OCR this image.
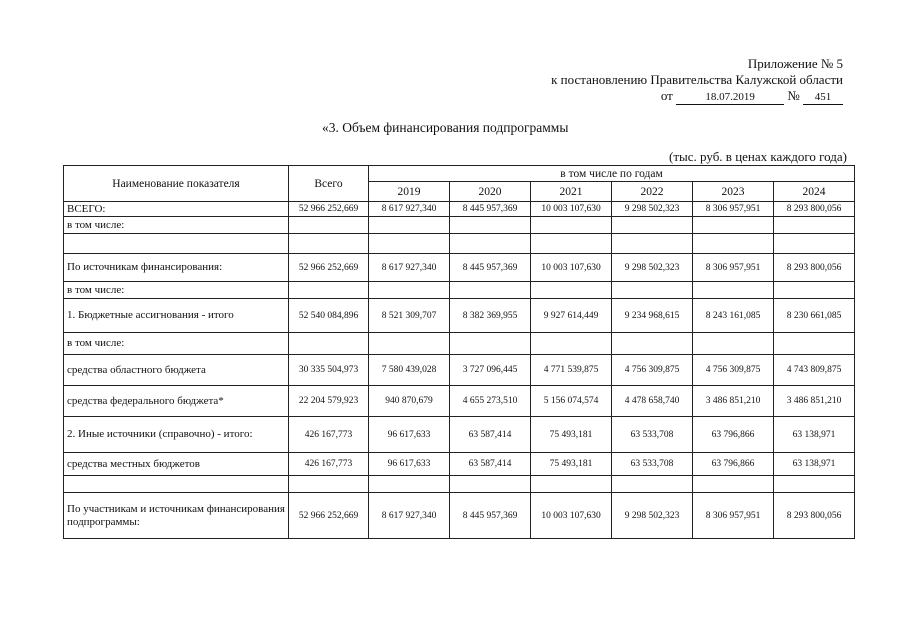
Приложение № 5
к постановлению Правительства Калужской области
от	18.07.2019	№ 451
«3. Объем финансирования подпрограммы
(тыс. руб. в ценах каждого года)
Наименование показателя	Всего	в том числе по годам					
		2019	2020	2021	2022	2023	2024
ВСЕГО:	52 966 252,669	8 617 927,340	8 445 957,369	10 003 107,630	9 298 502,323	8 306 957,951	8 293 800,056
в том числе:							

По источникам финансирования:	52 966 252,669	8 617 927,340	8 445 957,369	10 003 107,630	9 298 502,323	8 306 957,951	8 293 800,056
в том числе:							
1. Бюджетные ассигнования - итого	52 540 084,896	8 521 309,707	8 382 369,955	9 927 614,449	9 234 968,615	8 243 161,085	8 230 661,085
в том числе:							
средства областного бюджета	30 335 504,973	7 580 439,028	3 727 096,445	4 771 539,875	4 756 309,875	4 756 309,875	4 743 809,875
средства федерального бюджета*	22 204 579,923	940 870,679	4 655 273,510	5 156 074,574	4 478 658,740	3 486 851,210	3 486 851,210
2. Иные источники (справочно) - итого:	426 167,773	96 617,633	63 587,414	75 493,181	63 533,708	63 796,866	63 138,971
средства местных бюджетов	426 167,773	96 617,633	63 587,414	75 493,181	63 533,708	63 796,866	63 138,971

По участникам и источникам финансирования подпрограммы:	52 966 252,669	8 617 927,340	8 445 957,369	10 003 107,630	9 298 502,323	8 306 957,951	8 293 800,056
